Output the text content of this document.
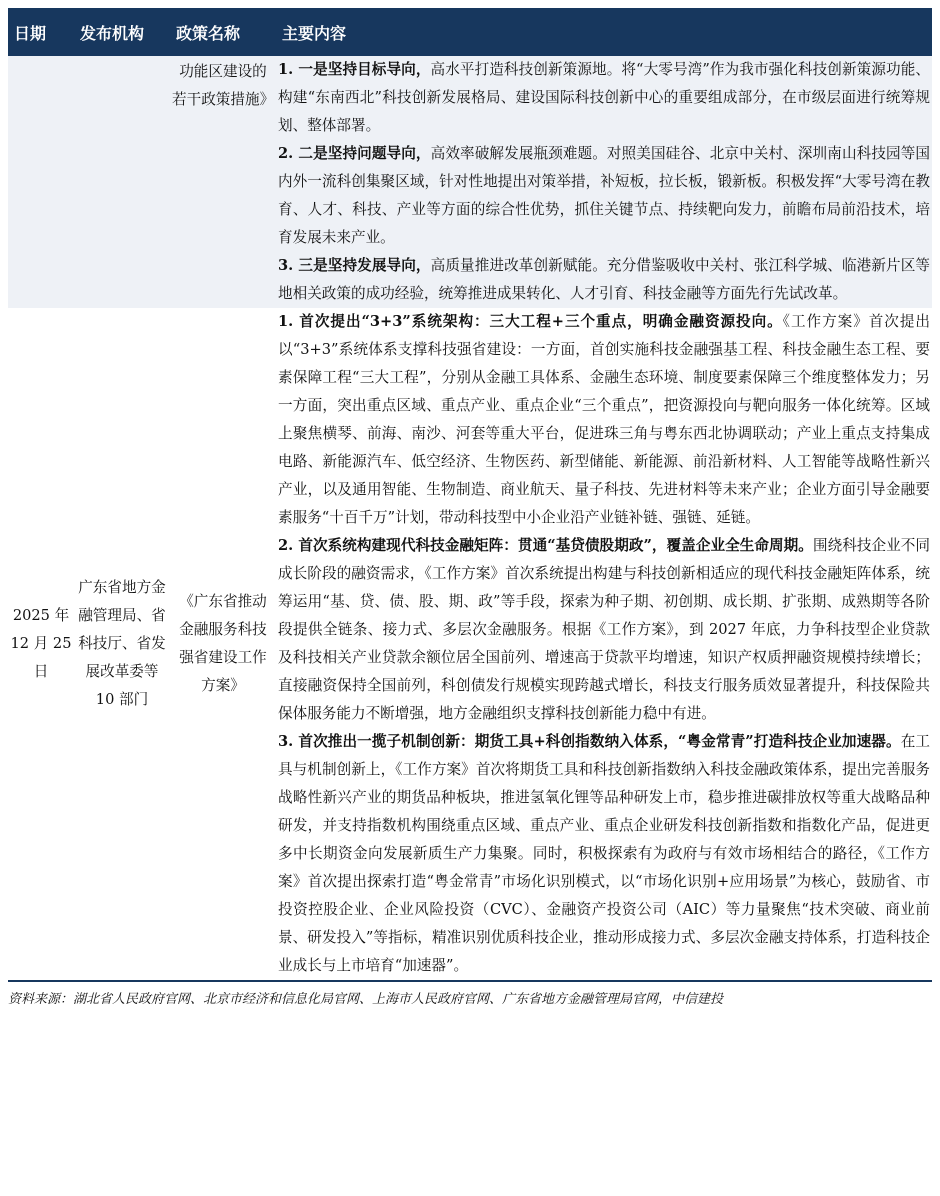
日期	发布机构	政策名称	主要内容
		功能区建设的若干政策措施》	1. 一是坚持目标导向，高水平打造科技创新策源地。将“大零号湾”作为我市强化科技创新策源功能、构建“东南西北”科技创新发展格局、建设国际科技创新中心的重要组成部分，在市级层面进行统筹规划、整体部署。

2. 二是坚持问题导向，高效率破解发展瓶颈难题。对照美国硅谷、北京中关村、深圳南山科技园等国内外一流科创集聚区域，针对性地提出对策举措，补短板，拉长板，锻新板。积极发挥“大零号湾在教育、人才、科技、产业等方面的综合性优势，抓住关键节点、持续靶向发力，前瞻布局前沿技术，培育发展未来产业。

3. 三是坚持发展导向，高质量推进改革创新赋能。充分借鉴吸收中关村、张江科学城、临港新片区等地相关政策的成功经验，统筹推进成果转化、人才引育、科技金融等方面先行先试改革。

2025 年 12 月 25 日	广东省地方金融管理局、省科技厅、省发展改革委等 10 部门	《广东省推动金融服务科技强省建设工作方案》	1. 首次提出“3+3”系统架构：三大工程+三个重点，明确金融资源投向。《工作方案》首次提出以“3+3”系统体系支撑科技强省建设：一方面，首创实施科技金融强基工程、科技金融生态工程、要素保障工程“三大工程”，分别从金融工具体系、金融生态环境、制度要素保障三个维度整体发力；另一方面，突出重点区域、重点产业、重点企业“三个重点”，把资源投向与靶向服务一体化统筹。区域上聚焦横琴、前海、南沙、河套等重大平台，促进珠三角与粤东西北协调联动；产业上重点支持集成电路、新能源汽车、低空经济、生物医药、新型储能、新能源、前沿新材料、人工智能等战略性新兴产业，以及通用智能、生物制造、商业航天、量子科技、先进材料等未来产业；企业方面引导金融要素服务“十百千万”计划，带动科技型中小企业沿产业链补链、强链、延链。

2. 首次系统构建现代科技金融矩阵：贯通“基贷债股期政”，覆盖企业全生命周期。围绕科技企业不同成长阶段的融资需求，《工作方案》首次系统提出构建与科技创新相适应的现代科技金融矩阵体系，统筹运用“基、贷、债、股、期、政”等手段，探索为种子期、初创期、成长期、扩张期、成熟期等各阶段提供全链条、接力式、多层次金融服务。根据《工作方案》，到 2027 年底，力争科技型企业贷款及科技相关产业贷款余额位居全国前列、增速高于贷款平均增速，知识产权质押融资规模持续增长；直接融资保持全国前列，科创债发行规模实现跨越式增长，科技支行服务质效显著提升，科技保险共保体服务能力不断增强，地方金融组织支撑科技创新能力稳中有进。

3. 首次推出一揽子机制创新：期货工具+科创指数纳入体系，“粤金常青”打造科技企业加速器。在工具与机制创新上，《工作方案》首次将期货工具和科技创新指数纳入科技金融政策体系，提出完善服务战略性新兴产业的期货品种板块，推进氢氧化锂等品种研发上市，稳步推进碳排放权等重大战略品种研发，并支持指数机构围绕重点区域、重点产业、重点企业研发科技创新指数和指数化产品，促进更多中长期资金向发展新质生产力集聚。同时，积极探索有为政府与有效市场相结合的路径，《工作方案》首次提出探索打造“粤金常青”市场化识别模式，以“市场化识别+应用场景”为核心，鼓励省、市投资控股企业、企业风险投资（CVC）、金融资产投资公司（AIC）等力量聚焦“技术突破、商业前景、研发投入”等指标，精准识别优质科技企业，推动形成接力式、多层次金融支持体系，打造科技企业成长与上市培育“加速器”。

资料来源：湖北省人民政府官网、北京市经济和信息化局官网、上海市人民政府官网、广东省地方金融管理局官网，中信建投
